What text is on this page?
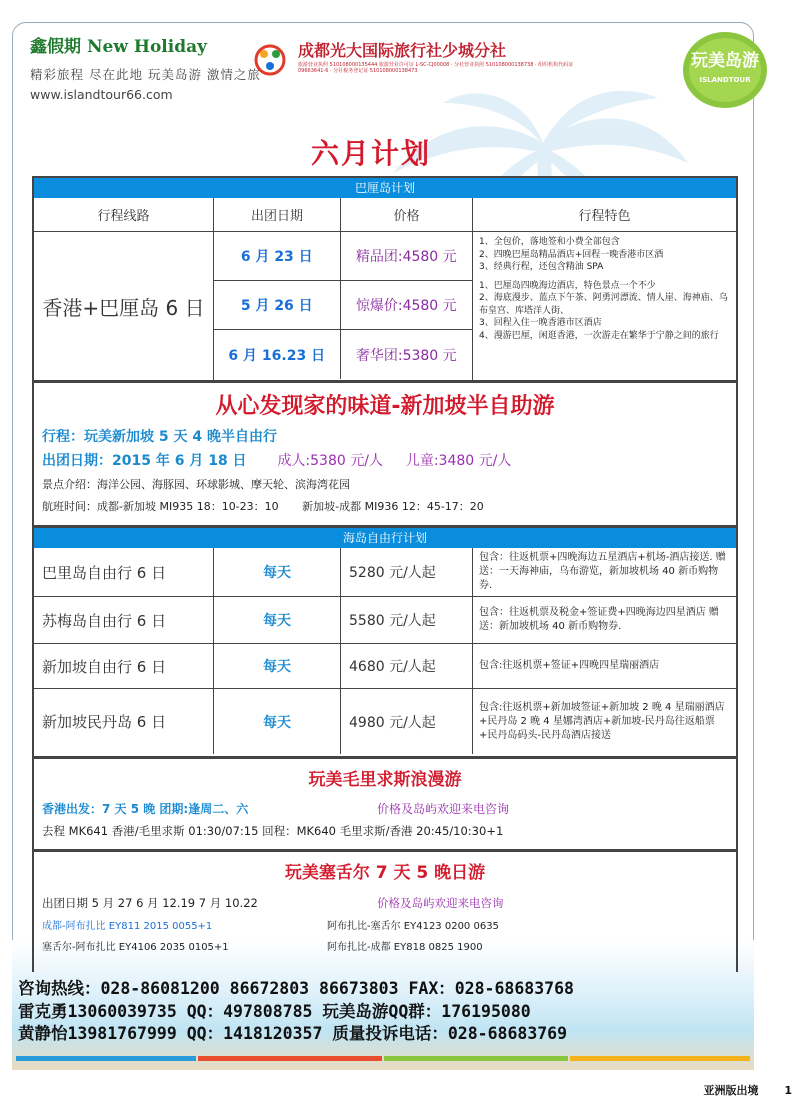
鑫假期 New Holiday
精彩旅程 尽在此地 玩美岛游 激情之旅
www.islandtour66.com
成都光大国际旅行社少城分社
旅游营业执照 510108000135444 旅游营业许可证 L-SC-CJ00008 · 分社营业执照 510108000138738 · 组织机构代码证 09663641-6 · 分社税务登记证 510108000138473	玩美岛游
ISLANDTOUR
六月计划
巴厘岛计划
行程线路	出团日期	价格	行程特色
香港+巴厘岛 6 日
6 月 23 日	精品团:4580 元
5 月 26 日	惊爆价:4580 元
6 月 16.23 日	奢华团:5380 元
1、全包价，落地签和小费全部包含
2、四晚巴厘岛精品酒店+回程一晚香港市区酒
3、经典行程，还包含精油 SPA
1、巴厘岛四晚海边酒店，特色景点一个不少
2、海底漫步、蓝点下午茶、阿勇河漂流、情人崖、海神庙、乌布皇宫、库塔洋人街、
3、回程入住一晚香港市区酒店
4、漫游巴厘，闲逛香港，一次游走在繁华于宁静之间的旅行
从心发现家的味道-新加坡半自助游
行程：玩美新加坡 5 天 4 晚半自由行
出团日期：2015 年 6 月 18 日 成人:5380 元/人 儿童:3480 元/人
景点介绍：海洋公园、海豚园、环球影城、摩天轮、滨海湾花园
航班时间：成都-新加坡 MI935 18：10-23：10 新加坡-成都 MI936 12：45-17：20
海岛自由行计划
巴里岛自由行 6 日	每天	5280 元/人起
包含：往返机票+四晚海边五星酒店+机场-酒店接送. 赠送：一天海神庙，乌布游览，新加坡机场 40 新币购物券.
苏梅岛自由行 6 日	每天	5580 元/人起
包含：往返机票及税金+签证费+四晚海边四星酒店 赠送：新加坡机场 40 新币购物券.
新加坡自由行 6 日	每天	4680 元/人起	包含:往返机票+签证+四晚四星瑞丽酒店
新加坡民丹岛 6 日	每天	4980 元/人起
包含:往返机票+新加坡签证+新加坡 2 晚 4 星瑞丽酒店+民丹岛 2 晚 4 星娜湾酒店+新加坡-民丹岛往返船票+民丹岛码头-民丹岛酒店接送
玩美毛里求斯浪漫游
香港出发：7 天 5 晚 团期:逢周二、六	价格及岛屿欢迎来电咨询
去程 MK641 香港/毛里求斯 01:30/07:15 回程：MK640 毛里求斯/香港 20:45/10:30+1
玩美塞舌尔 7 天 5 晚日游
出团日期 5 月 27 6 月 12.19 7 月 10.22	价格及岛屿欢迎来电咨询
成都-阿布扎比 EY811 2015 0055+1	阿布扎比-塞舌尔 EY4123 0200 0635
塞舌尔-阿布扎比 EY4106 2035 0105+1	阿布扎比-成都 EY818 0825 1900
咨询热线：028-86081200 86672803 86673803 FAX：028-68683768
雷克勇13060039735 QQ：497808785 玩美岛游QQ群：176195080
黄静怡13981767999 QQ：1418120357 质量投诉电话：028-68683769
亚洲版出境 1
